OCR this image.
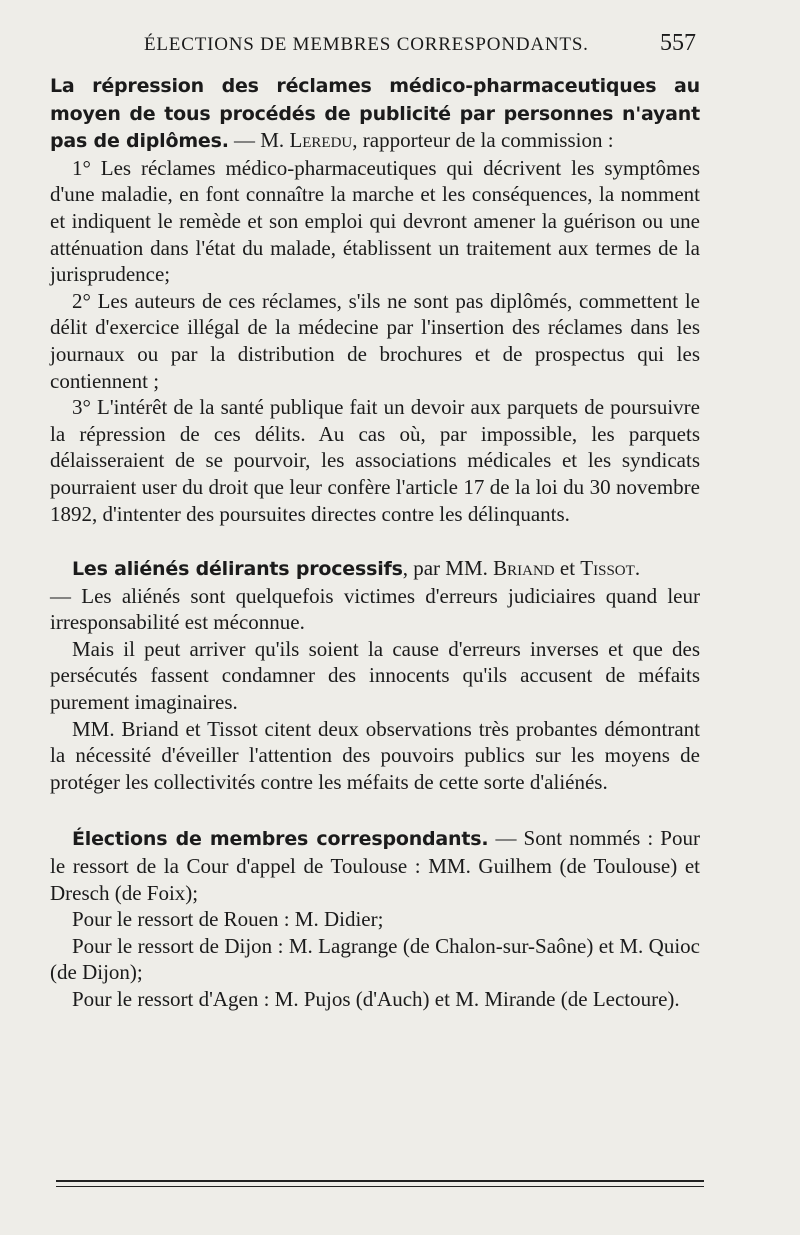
ÉLECTIONS DE MEMBRES CORRESPONDANTS.	557

La répression des réclames médico-pharmaceutiques au moyen de tous procédés de publicité par personnes n'ayant pas de diplômes. — M. Leredu, rapporteur de la commission :

1° Les réclames médico-pharmaceutiques qui décrivent les symptômes d'une maladie, en font connaître la marche et les conséquences, la nomment et indiquent le remède et son emploi qui devront amener la guérison ou une atténuation dans l'état du malade, établissent un traitement aux termes de la jurisprudence;

2° Les auteurs de ces réclames, s'ils ne sont pas diplômés, commettent le délit d'exercice illégal de la médecine par l'insertion des réclames dans les journaux ou par la distribution de brochures et de prospectus qui les contiennent ;

3° L'intérêt de la santé publique fait un devoir aux parquets de poursuivre la répression de ces délits. Au cas où, par impossible, les parquets délaisseraient de se pourvoir, les associations médicales et les syndicats pourraient user du droit que leur confère l'article 17 de la loi du 30 novembre 1892, d'intenter des poursuites directes contre les délinquants.

Les aliénés délirants processifs, par MM. Briand et Tissot.

— Les aliénés sont quelquefois victimes d'erreurs judiciaires quand leur irresponsabilité est méconnue.

Mais il peut arriver qu'ils soient la cause d'erreurs inverses et que des persécutés fassent condamner des innocents qu'ils accusent de méfaits purement imaginaires.

MM. Briand et Tissot citent deux observations très probantes démontrant la nécessité d'éveiller l'attention des pouvoirs publics sur les moyens de protéger les collectivités contre les méfaits de cette sorte d'aliénés.

Élections de membres correspondants. — Sont nommés : Pour le ressort de la Cour d'appel de Toulouse : MM. Guilhem (de Toulouse) et Dresch (de Foix);

Pour le ressort de Rouen : M. Didier;

Pour le ressort de Dijon : M. Lagrange (de Chalon-sur-Saône) et M. Quioc (de Dijon);

Pour le ressort d'Agen : M. Pujos (d'Auch) et M. Mirande (de Lectoure).
